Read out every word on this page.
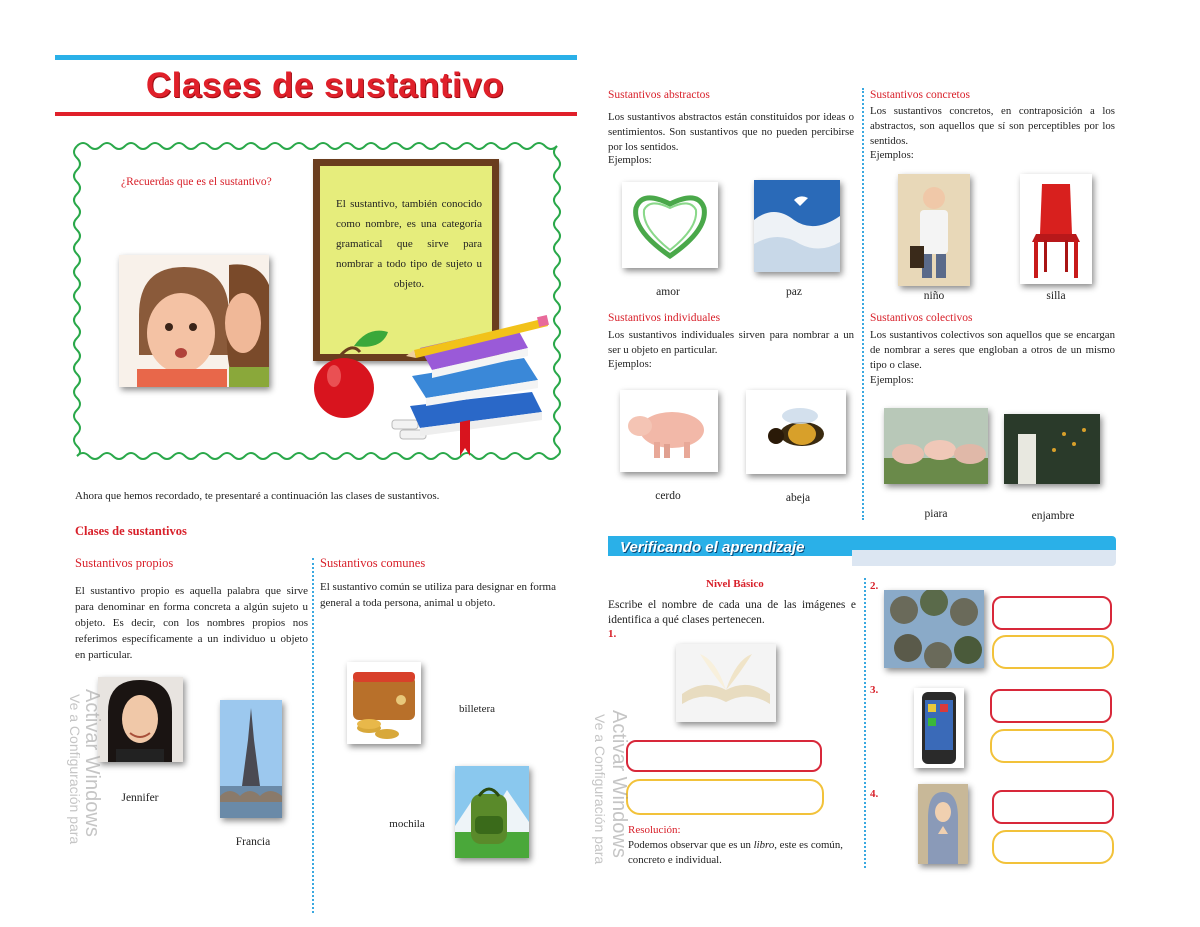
Clases de sustantivo
¿Recuerdas que es el sustantivo?
El sustantivo, también conocido como nombre, es una categoría gramatical que sirve para nombrar a todo tipo de sujeto u objeto.
Ahora que hemos recordado, te presentaré a continuación las clases de sustantivos.
Clases de sustantivos
Sustantivos propios
El sustantivo propio es aquella palabra que sirve para denominar en forma concreta a algún sujeto u objeto. Es decir, con los nombres propios nos referimos específicamente a un individuo u objeto en particular.
Jennifer
Francia
Sustantivos comunes
El sustantivo común se utiliza para designar en forma general a toda persona, animal u objeto.
billetera
mochila
Activar Windows
Ve a Configuración para
Sustantivos abstractos
Los sustantivos abstractos están constituidos por ideas o sentimientos. Son sustantivos que no pueden percibirse por los sentidos.
Ejemplos:
amor	paz
Sustantivos concretos
Los sustantivos concretos, en contraposición a los abstractos, son aquellos que sí son perceptibles por los sentidos.
Ejemplos:
niño	silla
Sustantivos individuales
Los sustantivos individuales sirven para nombrar a un ser u objeto en particular.
Ejemplos:
cerdo	abeja
Sustantivos colectivos
Los sustantivos colectivos son aquellos que se encargan de nombrar a seres que engloban a otros de un mismo tipo o clase.
Ejemplos:
piara	enjambre
Verificando el aprendizaje
Nivel Básico
Escribe el nombre de cada una de las imágenes e identifica a qué clases pertenecen.
1.
Resolución:
Podemos observar que es un libro, este es común, concreto e individual.
2.
3.
4.
Activar Windows
Ve a Configuración para
